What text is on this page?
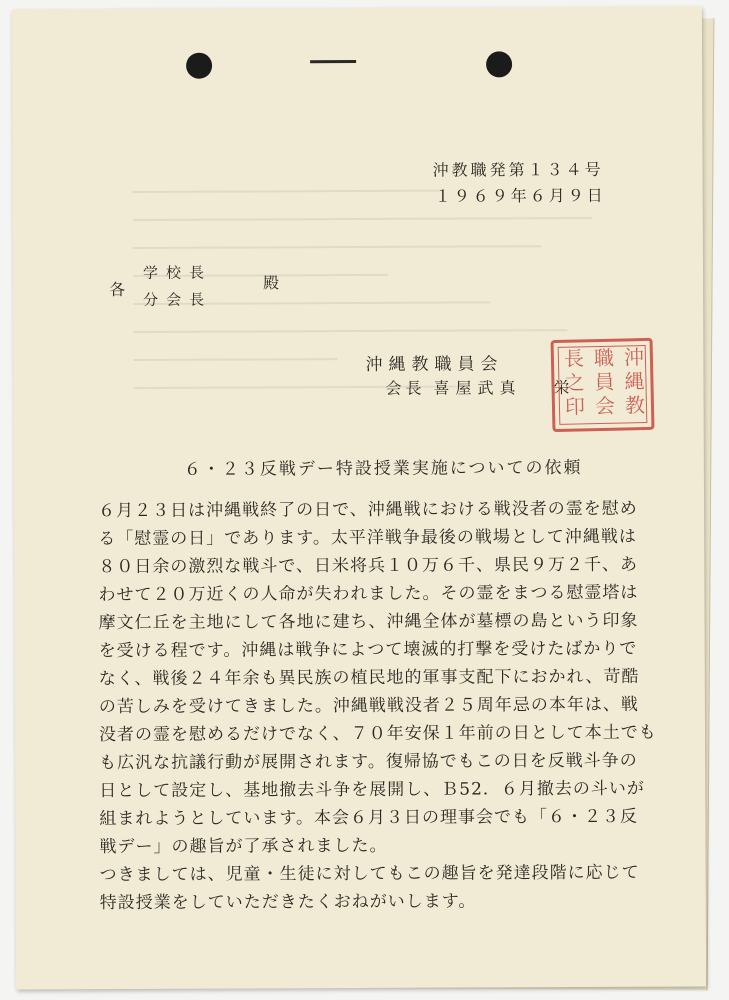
沖教職発第１３４号
１９６９年６月９日
各
学校長
分会長
殿
沖縄教職員会
会長 喜屋武真 栄
沖
縄
教
職
員
会
長
之
印
６・２３反戦デー特設授業実施についての依頼
６月２３日は沖縄戦終了の日で、沖縄戦における戦没者の霊を慰め
る「慰霊の日」であります。太平洋戦争最後の戦場として沖縄戦は
８０日余の激烈な戦斗で、日米将兵１０万６千、県民９万２千、あ
わせて２０万近くの人命が失われました。その霊をまつる慰霊塔は
摩文仁丘を主地にして各地に建ち、沖縄全体が墓標の島という印象
を受ける程です。沖縄は戦争によつて壊滅的打撃を受けたばかりで
なく、戦後２４年余も異民族の植民地的軍事支配下におかれ、苛酷
の苦しみを受けてきました。沖縄戦戦没者２５周年忌の本年は、戦
没者の霊を慰めるだけでなく、７０年安保１年前の日として本土でも
も広汎な抗議行動が展開されます。復帰協でもこの日を反戦斗争の
日として設定し、基地撤去斗争を展開し、Ｂ52．６月撤去の斗いが
組まれようとしています。本会６月３日の理事会でも「６・２３反
戦デー」の趣旨が了承されました。
つきましては、児童・生徒に対してもこの趣旨を発達段階に応じて
特設授業をしていただきたくおねがいします。
